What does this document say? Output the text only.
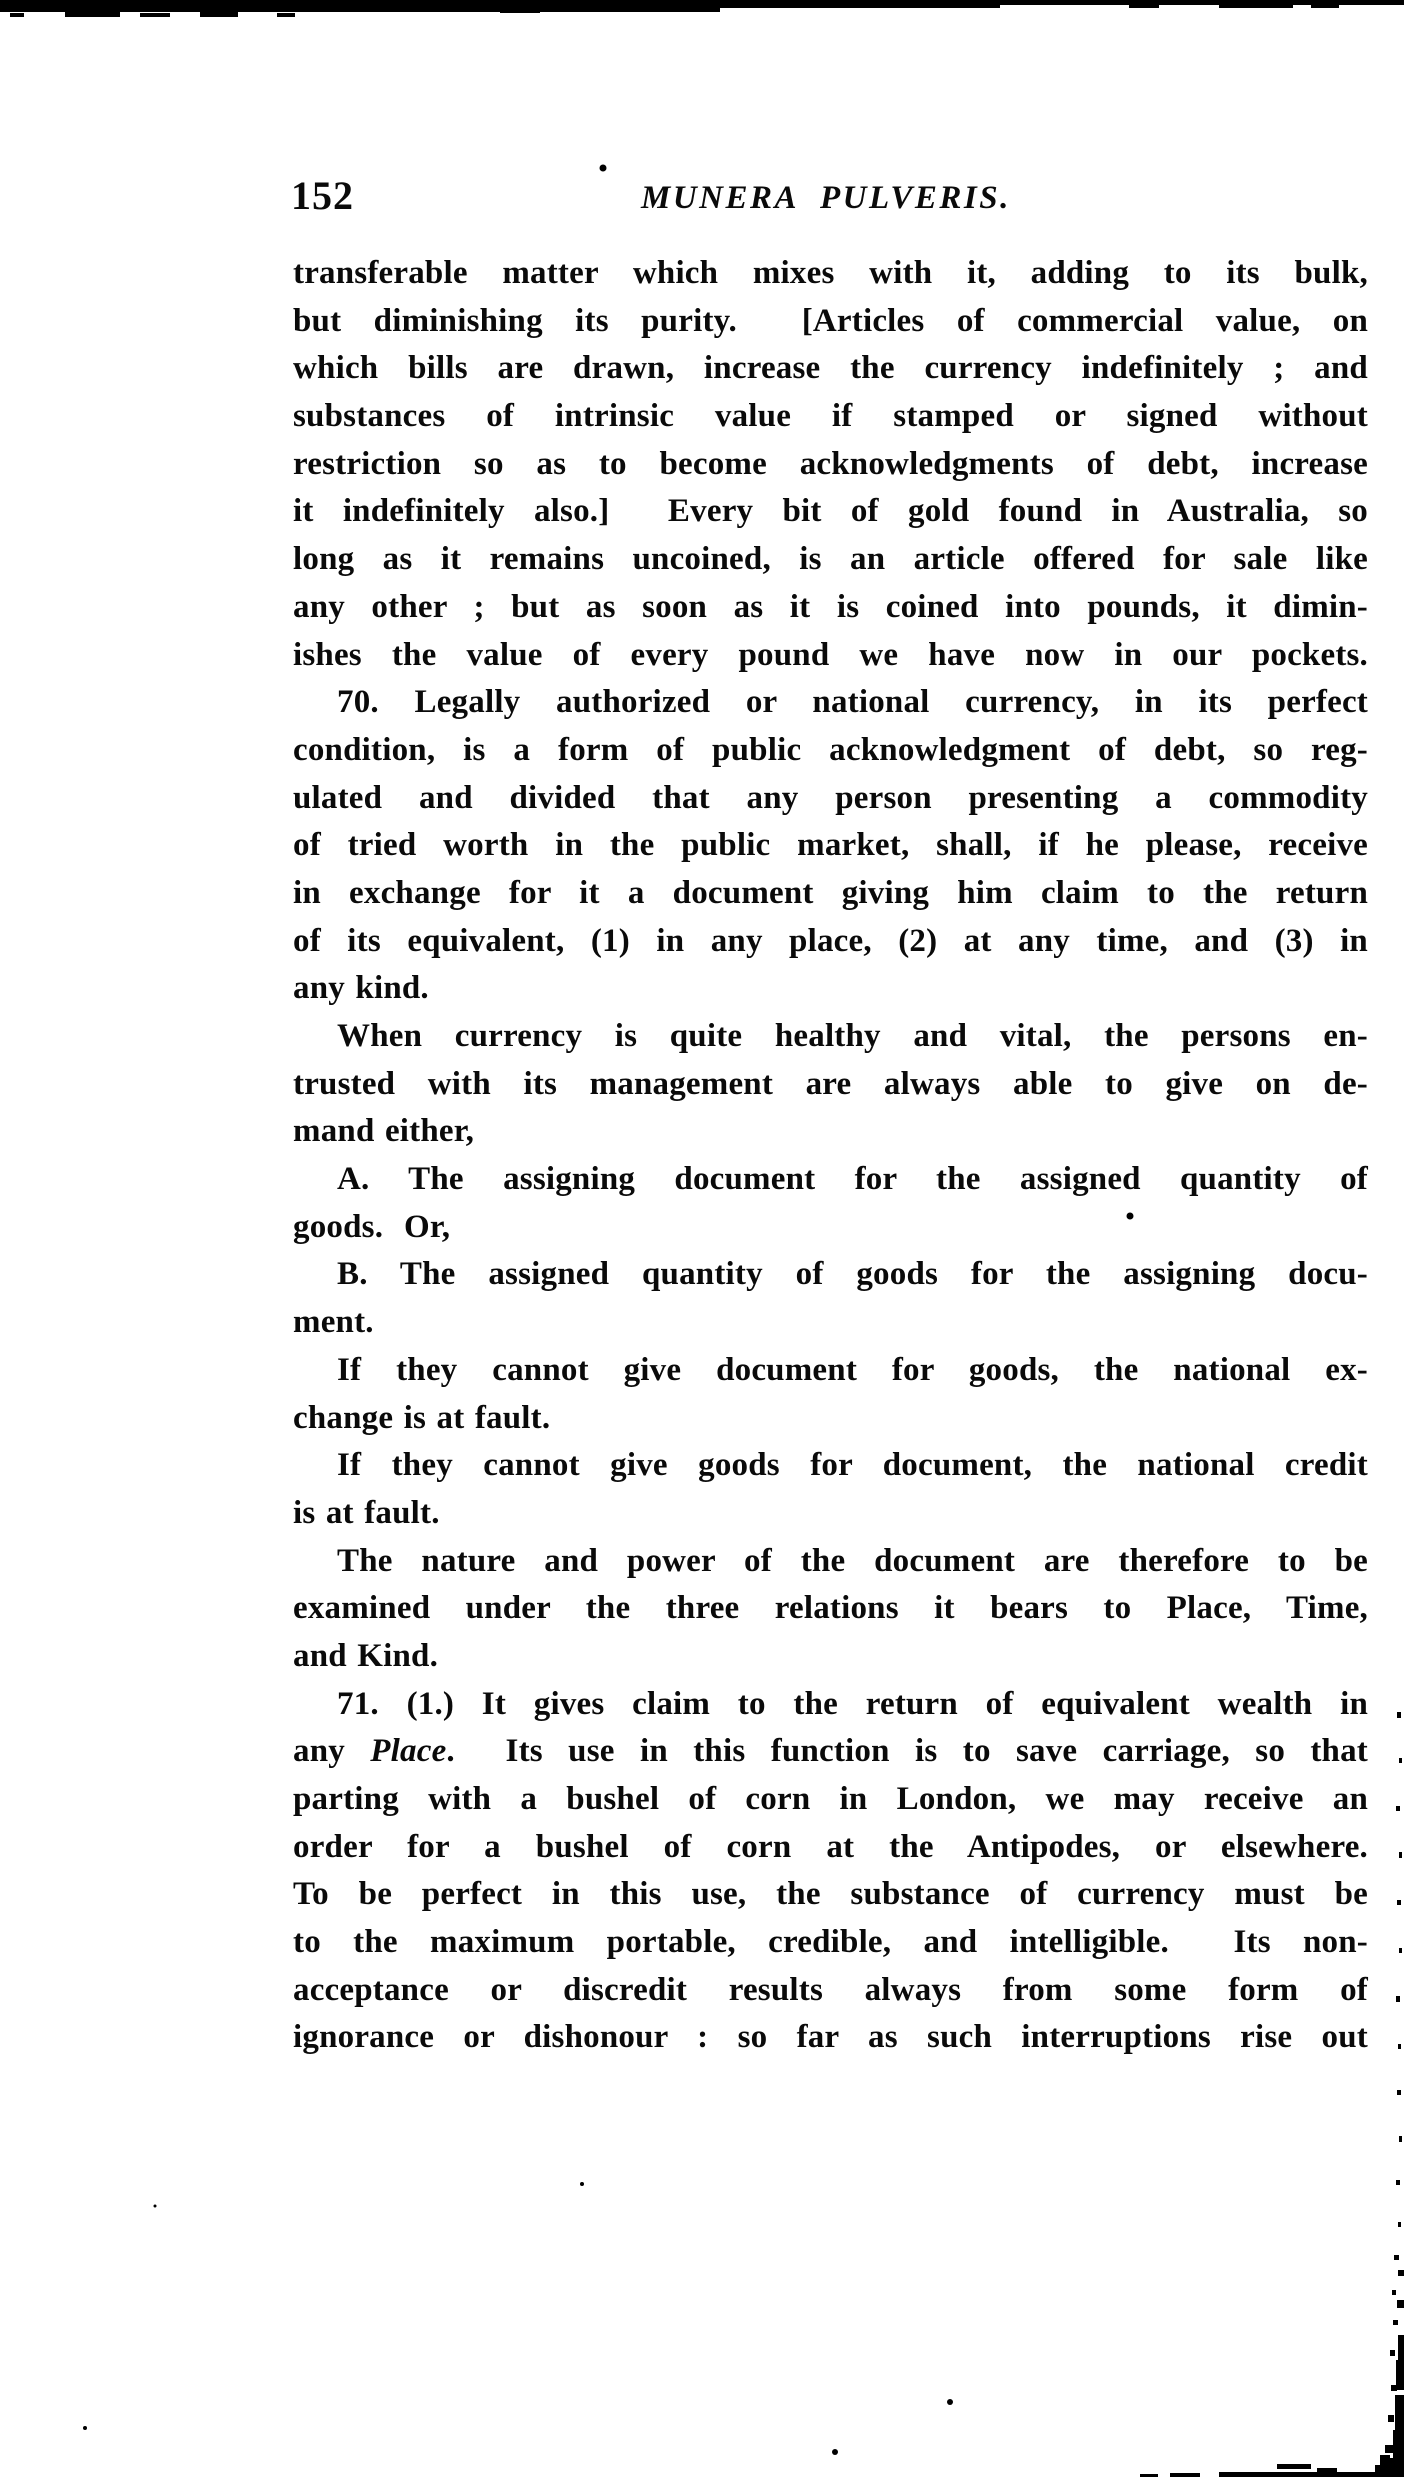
152	MUNERA PULVERIS.
transferable matter which mixes with it, adding to its bulk,
but diminishing its purity.  [Articles of commercial value, on
which bills are drawn, increase the currency indefinitely ; and
substances of intrinsic value if stamped or signed without
restriction so as to become acknowledgments of debt, increase
it indefinitely also.]  Every bit of gold found in Australia, so
long as it remains uncoined, is an article offered for sale like
any other ; but as soon as it is coined into pounds, it dimin-
ishes the value of every pound we have now in our pockets.
70. Legally authorized or national currency, in its perfect
condition, is a form of public acknowledgment of debt, so reg-
ulated and divided that any person presenting a commodity
of tried worth in the public market, shall, if he please, receive
in exchange for it a document giving him claim to the return
of its equivalent, (1) in any place, (2) at any time, and (3) in
any kind.
When currency is quite healthy and vital, the persons en-
trusted with its management are always able to give on de-
mand either,
A. The assigning document for the assigned quantity of
goods.  Or,
B. The assigned quantity of goods for the assigning docu-
ment.
If they cannot give document for goods, the national ex-
change is at fault.
If they cannot give goods for document, the national credit
is at fault.
The nature and power of the document are therefore to be
examined under the three relations it bears to Place, Time,
and Kind.
71. (1.) It gives claim to the return of equivalent wealth in
any Place.  Its use in this function is to save carriage, so that
parting with a bushel of corn in London, we may receive an
order for a bushel of corn at the Antipodes, or elsewhere.
To be perfect in this use, the substance of currency must be
to the maximum portable, credible, and intelligible.  Its non-
acceptance or discredit results always from some form of
ignorance or dishonour : so far as such interruptions rise out
